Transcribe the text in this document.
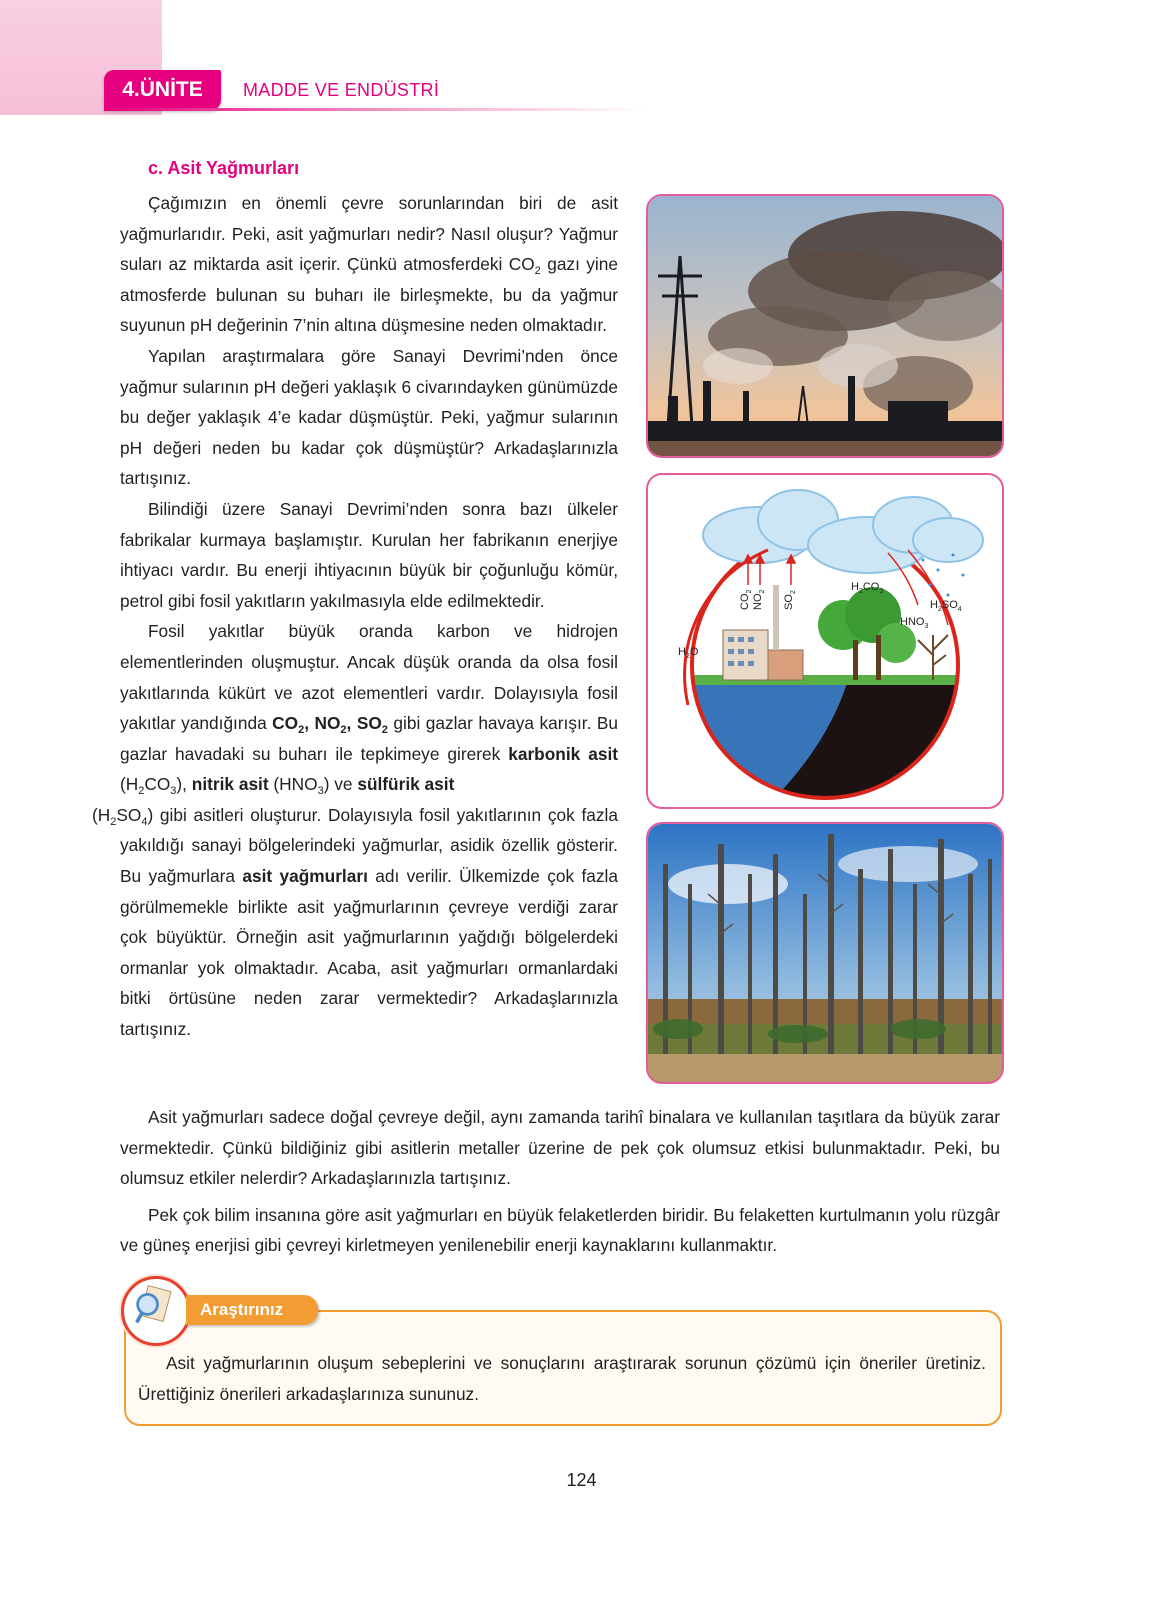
4.ÜNİTE	MADDE VE ENDÜSTRİ
c. Asit Yağmurları

Çağımızın en önemli çevre sorunlarından biri de asit yağmurlarıdır. Peki, asit yağmurları nedir? Nasıl oluşur? Yağmur suları az miktarda asit içerir. Çünkü atmosferdeki $CO_2$ gazı yine atmosferde bulunan su buharı ile birleşmekte, bu da yağmur suyunun pH değerinin 7’nin altına düşmesine neden olmaktadır.

Yapılan araştırmalara göre Sanayi Devrimi’nden önce yağmur sularının pH değeri yaklaşık 6 civarındayken günümüzde bu değer yaklaşık 4’e kadar düşmüştür. Peki, yağmur sularının pH değeri neden bu kadar çok düşmüştür? Arkadaşlarınızla tartışınız.

Bilindiği üzere Sanayi Devrimi’nden sonra bazı ülkeler fabrikalar kurmaya başlamıştır. Kurulan her fabrikanın enerjiye ihtiyacı vardır. Bu enerji ihtiyacının büyük bir çoğunluğu kömür, petrol gibi fosil yakıtların yakılmasıyla elde edilmektedir.

Fosil yakıtlar büyük oranda karbon ve hidrojen elementlerinden oluşmuştur. Ancak düşük oranda da olsa fosil yakıtlarında kükürt ve azot elementleri vardır. Dolayısıyla fosil yakıtlar yandığında $CO_2$, $NO_2$, $SO_2$ gibi gazlar havaya karışır. Bu gazlar havadaki su buharı ile tepkimeye girerek karbonik asit $(H_2CO_3)$, nitrik asit $(HNO_3)$ ve sülfürik asit
$(H_2SO_4)$ gibi asitleri oluşturur. Dolayısıyla fosil yakıtlarının çok fazla yakıldığı sanayi bölgelerindeki yağmurlar, asidik özellik gösterir. Bu yağmurlara asit yağmurları adı verilir. Ülkemizde çok fazla görülmemekle birlikte asit yağmurlarının çevreye verdiği zarar çok büyüktür. Örneğin asit yağmurlarının yağdığı bölgelerdeki ormanlar yok olmaktadır. Acaba, asit yağmurları ormanlardaki bitki örtüsüne neden zarar vermektedir? Arkadaşlarınızla tartışınız.

$CO_2$
$NO_2$
$SO_2$	$H_2CO_3$
$H_2SO_4$
$HNO_3$
$H_2O$

Asit yağmurları sadece doğal çevreye değil, aynı zamanda tarihî binalara ve kullanılan taşıtlara da büyük zarar vermektedir. Çünkü bildiğiniz gibi asitlerin metaller üzerine de pek çok olumsuz etkisi bulunmaktadır. Peki, bu olumsuz etkiler nelerdir? Arkadaşlarınızla tartışınız.

Pek çok bilim insanına göre asit yağmurları en büyük felaketlerden biridir. Bu felaketten kurtulmanın yolu rüzgâr ve güneş enerjisi gibi çevreyi kirletmeyen yenilenebilir enerji kaynaklarını kullanmaktır.

Araştırınız

Asit yağmurlarının oluşum sebeplerini ve sonuçlarını araştırarak sorunun çözümü için öneriler üretiniz. Ürettiğiniz önerileri arkadaşlarınıza sununuz.

124
